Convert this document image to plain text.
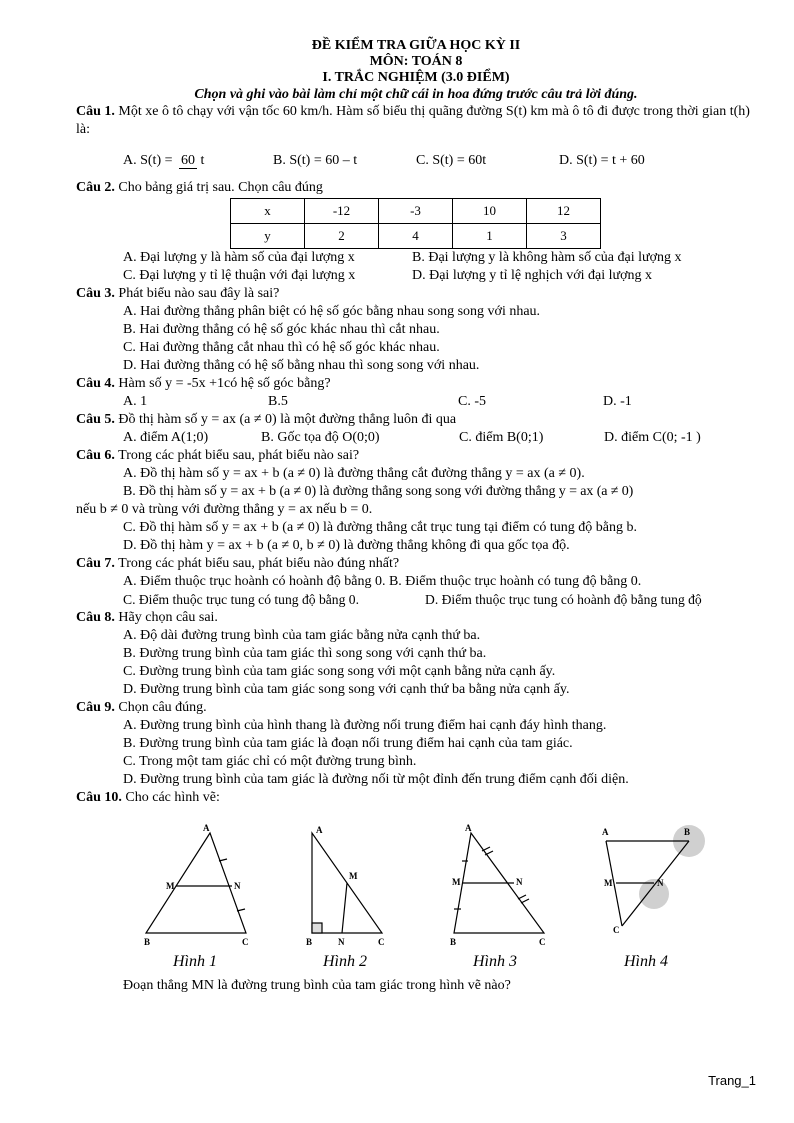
ĐỀ KIỂM TRA GIỮA HỌC KỲ II
MÔN: TOÁN 8
I. TRẮC NGHIỆM (3.0 ĐIỂM)
Chọn và ghi vào bài làm chỉ một chữ cái in hoa đứng trước câu trả lời đúng.
Câu 1. Một xe ô tô chạy với vận tốc 60 km/h. Hàm số biểu thị quãng đường S(t) km mà ô tô đi được trong thời gian t(h) là:
A. S(t) = 60 t	B. S(t) = 60 – t	C. S(t) = 60t	D. S(t) = t + 60
Câu 2. Cho bảng giá trị sau. Chọn câu đúng
x	-12	-3	10	12
y	2	4	1	3
A. Đại lượng y là hàm số của đại lượng x	B. Đại lượng y là không hàm số của đại lượng x
C. Đại lượng y tỉ lệ thuận với đại lượng x	D. Đại lượng y tỉ lệ nghịch với đại lượng x
Câu 3. Phát biểu nào sau đây là sai?
A. Hai đường thẳng phân biệt có hệ số góc bằng nhau song song với nhau.
B. Hai đường thẳng có hệ số góc khác nhau thì cắt nhau.
C. Hai đường thẳng cắt nhau thì có hệ số góc khác nhau.
D. Hai đường thẳng có hệ số bằng nhau thì song song với nhau.
Câu 4. Hàm số y = -5x +1có hệ số góc bằng?
A. 1	B.5	C. -5	D. -1
Câu 5. Đồ thị hàm số y = ax (a ≠ 0) là một đường thẳng luôn đi qua
A. điểm A(1;0)	B. Gốc tọa độ O(0;0)	C. điểm B(0;1)	D. điểm C(0; -1 )
Câu 6. Trong các phát biểu sau, phát biểu nào sai?
A. Đồ thị hàm số y = ax + b (a ≠ 0) là đường thẳng cắt đường thẳng y = ax (a ≠ 0).
B. Đồ thị hàm số y = ax + b (a ≠ 0) là đường thẳng song song với đường thẳng y = ax (a ≠ 0)
nếu b ≠ 0 và trùng với đường thẳng y = ax nếu b = 0.
C. Đồ thị hàm số y = ax + b (a ≠ 0) là đường thẳng cắt trục tung tại điểm có tung độ bằng b.
D. Đồ thị hàm y = ax + b (a ≠ 0, b ≠ 0) là đường thẳng không đi qua gốc tọa độ.
Câu 7. Trong các phát biểu sau, phát biểu nào đúng nhất?
A. Điểm thuộc trục hoành có hoành độ bằng 0. B. Điểm thuộc trục hoành có tung độ bằng 0.
C. Điểm thuộc trục tung có tung độ bằng 0.	D. Điểm thuộc trục tung có hoành độ bằng tung độ
Câu 8. Hãy chọn câu sai.
A. Độ dài đường trung bình của tam giác bằng nửa cạnh thứ ba.
B. Đường trung bình của tam giác thì song song với cạnh thứ ba.
C. Đường trung bình của tam giác song song với một cạnh bằng nửa cạnh ấy.
D. Đường trung bình của tam giác song song với cạnh thứ ba bằng nửa cạnh ấy.
Câu 9. Chọn câu đúng.
A. Đường trung bình của hình thang là đường nối trung điểm hai cạnh đáy hình thang.
B. Đường trung bình của tam giác là đoạn nối trung điểm hai cạnh của tam giác.
C. Trong một tam giác chỉ có một đường trung bình.
D. Đường trung bình của tam giác là đường nối từ một đỉnh đến trung điểm cạnh đối diện.
Câu 10. Cho các hình vẽ:
A
M	N
B	C
A
M
B	N	C
A
M	N
B	C
A	B
M	N
C
Hình 1	Hình 2	Hình 3	Hình 4
Đoạn thẳng MN là đường trung bình của tam giác trong hình vẽ nào?
Trang_1
